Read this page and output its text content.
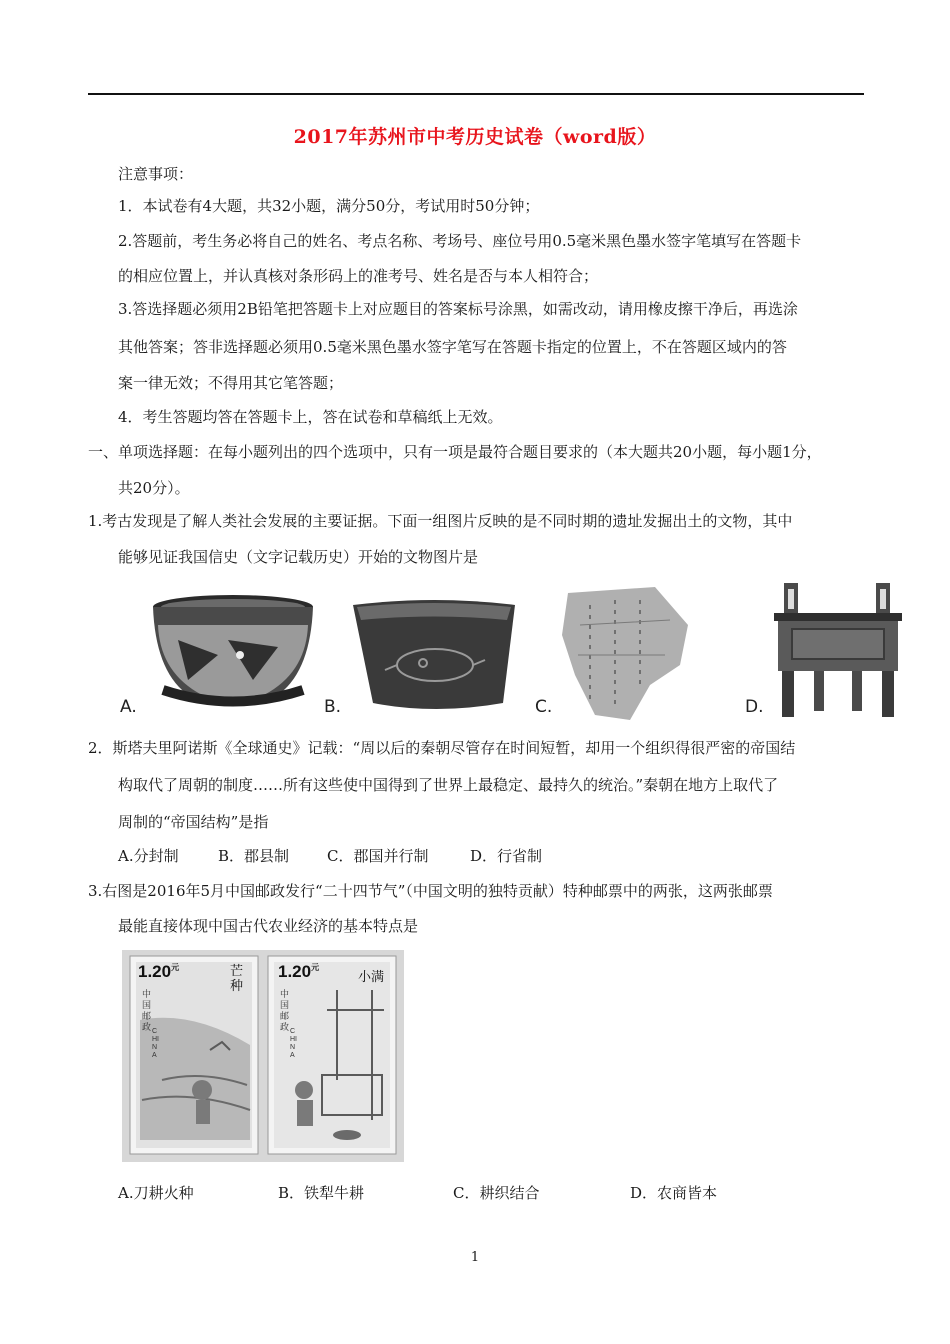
2017年苏州市中考历史试卷（word版）
注意事项：
1．本试卷有4大题，共32小题，满分50分，考试用时50分钟；
2.答题前，考生务必将自己的姓名、考点名称、考场号、座位号用0.5毫米黑色墨水签字笔填写在答题卡
的相应位置上，并认真核对条形码上的准考号、姓名是否与本人相符合；
3.答选择题必须用2B铅笔把答题卡上对应题目的答案标号涂黑，如需改动，请用橡皮擦干净后，再选涂
其他答案；答非选择题必须用0.5毫米黑色墨水签字笔写在答题卡指定的位置上，不在答题区域内的答
案一律无效；不得用其它笔答题；
4．考生答题均答在答题卡上，答在试卷和草稿纸上无效。
一、单项选择题：在每小题列出的四个选项中，只有一项是最符合题目要求的（本大题共20小题，每小题1分，
共20分）。
1.考古发现是了解人类社会发展的主要证据。下面一组图片反映的是不同时期的遗址发掘出土的文物，其中
能够见证我国信史（文字记载历史）开始的文物图片是
A.	B.	C.	D.
2．斯塔夫里阿诺斯《全球通史》记载：“周以后的秦朝尽管存在时间短暂，却用一个组织得很严密的帝国结
构取代了周朝的制度……所有这些使中国得到了世界上最稳定、最持久的统治。”秦朝在地方上取代了
周制的“帝国结构”是指
A.分封制	B．郡县制	C．郡国并行制	D．行省制
3.右图是2016年5月中国邮政发行“二十四节气”（中国文明的独特贡献）特种邮票中的两张，这两张邮票
最能直接体现中国古代农业经济的基本特点是
$1.20^元$	芒种
中国邮政 CHINA
$1.20^元$
小满
中国邮政 CHINA
A.刀耕火种	B．铁犁牛耕	C．耕织结合	D．农商皆本
1
